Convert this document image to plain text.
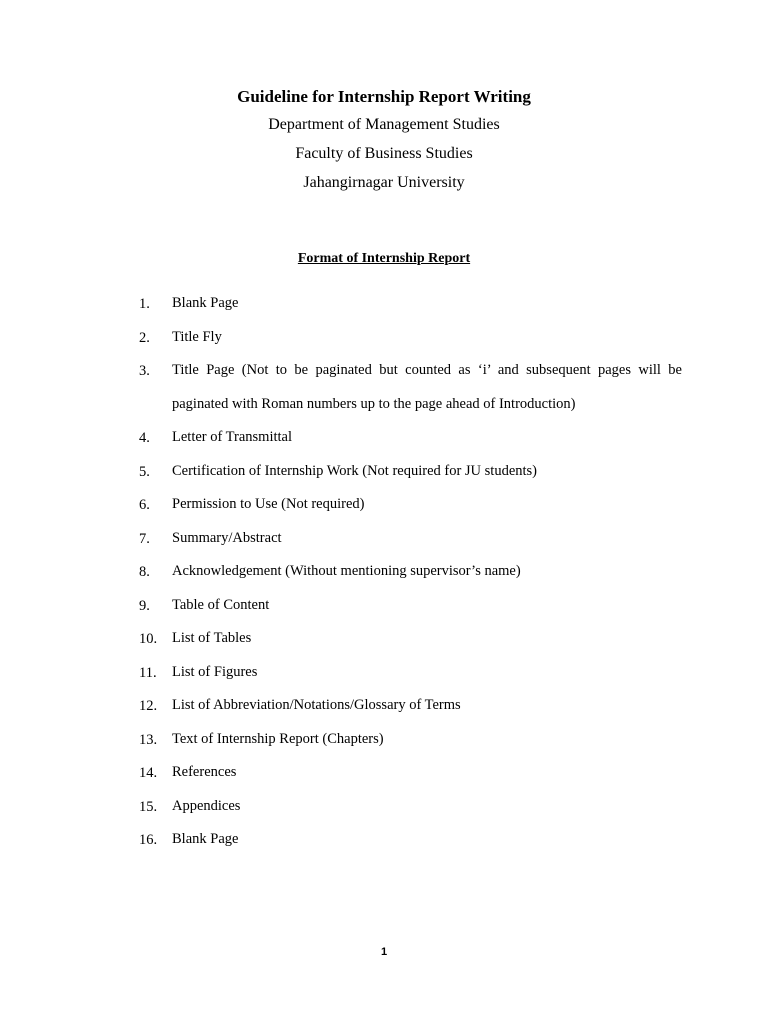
Guideline for Internship Report Writing

Department of Management Studies

Faculty of Business Studies

Jahangirnagar University

Format of Internship Report
1.	Blank Page
2.	Title Fly
3.	Title Page (Not to be paginated but counted as ‘i’ and subsequent pages will be paginated with Roman numbers up to the page ahead of Introduction)
4.	Letter of Transmittal
5.	Certification of Internship Work (Not required for JU students)
6.	Permission to Use (Not required)
7.	Summary/Abstract
8.	Acknowledgement (Without mentioning supervisor’s name)
9.	Table of Content
10.	List of Tables
11.	List of Figures
12.	List of Abbreviation/Notations/Glossary of Terms
13.	Text of Internship Report (Chapters)
14.	References
15.	Appendices
16.	Blank Page
1
